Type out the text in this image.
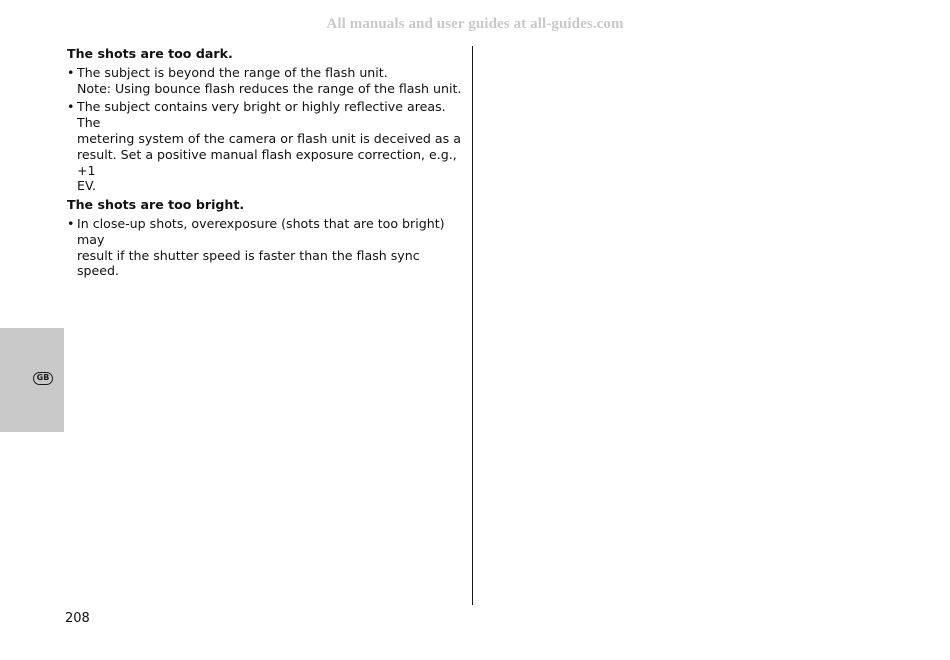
All manuals and user guides at all-guides.com
The shots are too dark.
• The subject is beyond the range of the flash unit.
Note: Using bounce flash reduces the range of the flash unit.
• The subject contains very bright or highly reflective areas. The
metering system of the camera or flash unit is deceived as a
result. Set a positive manual flash exposure correction, e.g., +1
EV.
The shots are too bright.
• In close-up shots, overexposure (shots that are too bright) may
result if the shutter speed is faster than the flash sync speed.
GB
208
